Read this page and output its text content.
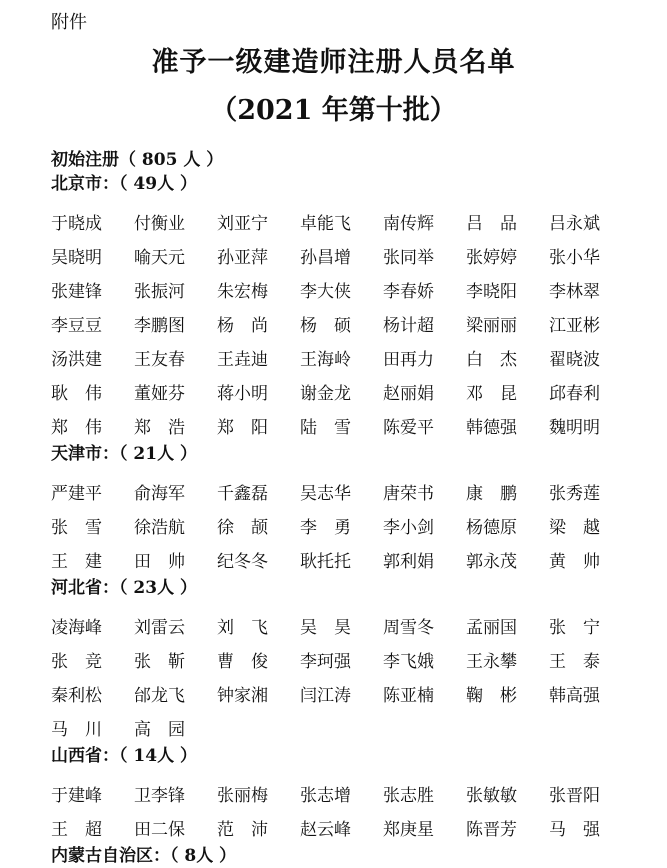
附件
准予一级建造师注册人员名单
（2021 年第十批）
初始注册（ 805 人 ）
北京市：（ 49人 ）
于晓成	付衡业	刘亚宁	卓能飞	南传辉	吕　品	吕永斌
吴晓明	喻天元	孙亚萍	孙昌增	张同举	张婷婷	张小华
张建锋	张振河	朱宏梅	李大侠	李春娇	李晓阳	李林翠
李豆豆	李鹏图	杨　尚	杨　硕	杨计超	梁丽丽	江亚彬
汤洪建	王友春	王垚迪	王海岭	田再力	白　杰	翟晓波
耿　伟	董娅芬	蒋小明	谢金龙	赵丽娟	邓　昆	邱春利
郑　伟	郑　浩	郑　阳	陆　雪	陈爱平	韩德强	魏明明
天津市：（ 21人 ）
严建平	俞海军	千鑫磊	吴志华	唐荣书	康　鹏	张秀莲
张　雪	徐浩航	徐　颉	李　勇	李小剑	杨德原	梁　越
王　建	田　帅	纪冬冬	耿托托	郭利娟	郭永茂	黄　帅
河北省：（ 23人 ）
凌海峰	刘雷云	刘　飞	吴　昊	周雪冬	孟丽国	张　宁
张　竞	张　靳	曹　俊	李珂强	李飞娥	王永攀	王　泰
秦利松	邰龙飞	钟家湘	闫江涛	陈亚楠	鞠　彬	韩高强
马　川	高　园
山西省：（ 14人 ）
于建峰	卫李锋	张丽梅	张志增	张志胜	张敏敏	张晋阳
王　超	田二保	范　沛	赵云峰	郑庚星	陈晋芳	马　强
内蒙古自治区：（ 8人 ）
